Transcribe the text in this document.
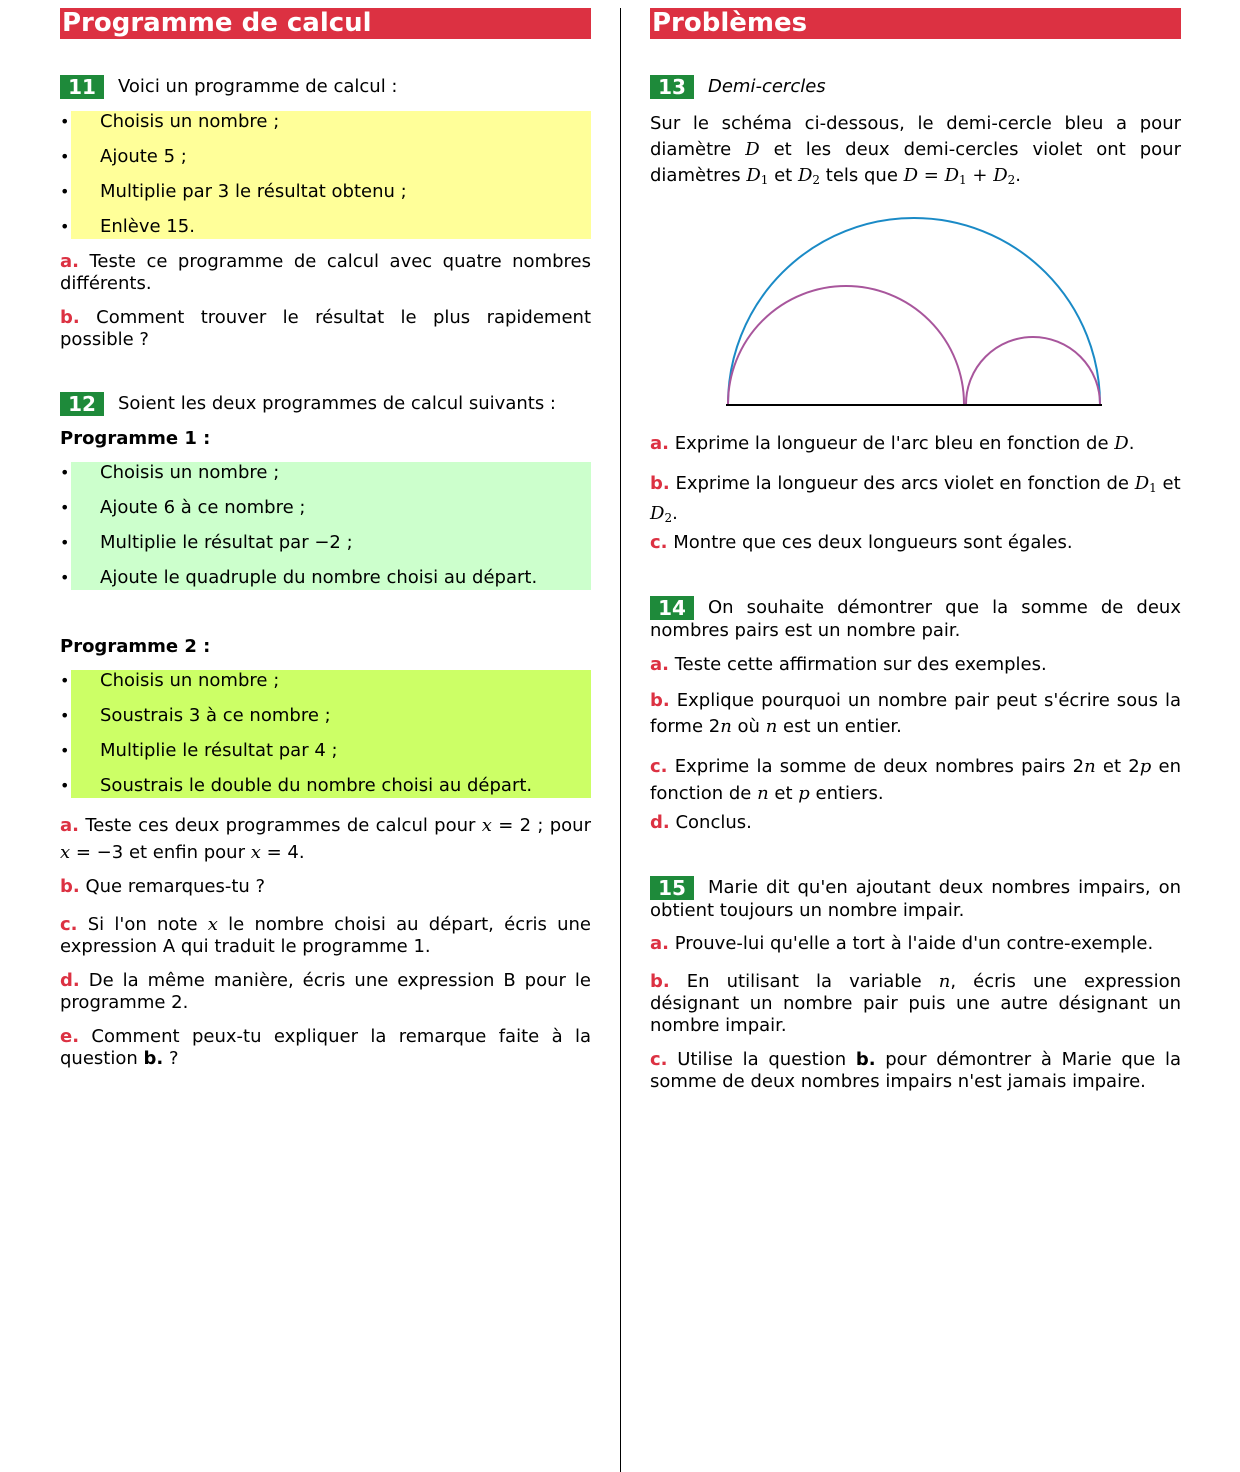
Programme de calcul
11 Voici un programme de calcul :
• Choisis un nombre ;
• Ajoute 5 ;
• Multiplie par 3 le résultat obtenu ;
• Enlève 15.
a. Teste ce programme de calcul avec quatre nombres différents.
b. Comment trouver le résultat le plus rapidement possible ?
12 Soient les deux programmes de calcul suivants :
Programme 1 :
• Choisis un nombre ;
• Ajoute 6 à ce nombre ;
• Multiplie le résultat par −2 ;
• Ajoute le quadruple du nombre choisi au départ.
Programme 2 :
• Choisis un nombre ;
• Soustrais 3 à ce nombre ;
• Multiplie le résultat par 4 ;
• Soustrais le double du nombre choisi au départ.
a. Teste ces deux programmes de calcul pour x = 2 ; pour x = −3 et enfin pour x = 4.
b. Que remarques-tu ?
c. Si l'on note x le nombre choisi au départ, écris une expression A qui traduit le programme 1.
d. De la même manière, écris une expression B pour le programme 2.
e. Comment peux-tu expliquer la remarque faite à la question b. ?
Problèmes
13 Demi-cercles
Sur le schéma ci-dessous, le demi-cercle bleu a pour diamètre D et les deux demi-cercles violet ont pour diamètres $D_1$ et $D_2$ tels que $D = D_1 + D_2$.
a. Exprime la longueur de l'arc bleu en fonction de D.
b. Exprime la longueur des arcs violet en fonction de $D_1$ et $D_2$.
c. Montre que ces deux longueurs sont égales.
14 On souhaite démontrer que la somme de deux nombres pairs est un nombre pair.
a. Teste cette affirmation sur des exemples.
b. Explique pourquoi un nombre pair peut s'écrire sous la forme 2n où n est un entier.
c. Exprime la somme de deux nombres pairs 2n et 2p en fonction de n et p entiers.
d. Conclus.
15 Marie dit qu'en ajoutant deux nombres impairs, on obtient toujours un nombre impair.
a. Prouve-lui qu'elle a tort à l'aide d'un contre-exemple.
b. En utilisant la variable n, écris une expression désignant un nombre pair puis une autre désignant un nombre impair.
c. Utilise la question b. pour démontrer à Marie que la somme de deux nombres impairs n'est jamais impaire.
